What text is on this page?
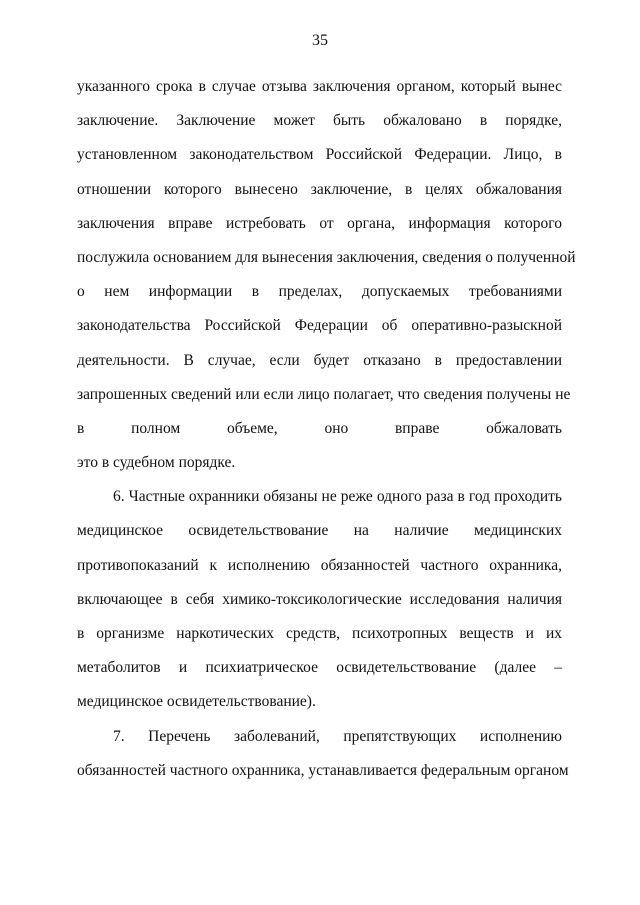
35
указанного срока в случае отзыва заключения органом, который вынес
заключение. Заключение может быть обжаловано в порядке,
установленном законодательством Российской Федерации. Лицо, в
отношении которого вынесено заключение, в целях обжалования
заключения вправе истребовать от органа, информация которого
послужила основанием для вынесения заключения, сведения о полученной
о нем информации в пределах, допускаемых требованиями
законодательства Российской Федерации об оперативно-разыскной
деятельности. В случае, если будет отказано в предоставлении
запрошенных сведений или если лицо полагает, что сведения получены не
в полном объеме, оно вправе обжаловать
это в судебном порядке.
6. Частные охранники обязаны не реже одного раза в год проходить
медицинское освидетельствование на наличие медицинских
противопоказаний к исполнению обязанностей частного охранника,
включающее в себя химико-токсикологические исследования наличия
в организме наркотических средств, психотропных веществ и их
метаболитов и психиатрическое освидетельствование (далее –
медицинское освидетельствование).
7. Перечень заболеваний, препятствующих исполнению
обязанностей частного охранника, устанавливается федеральным органом
